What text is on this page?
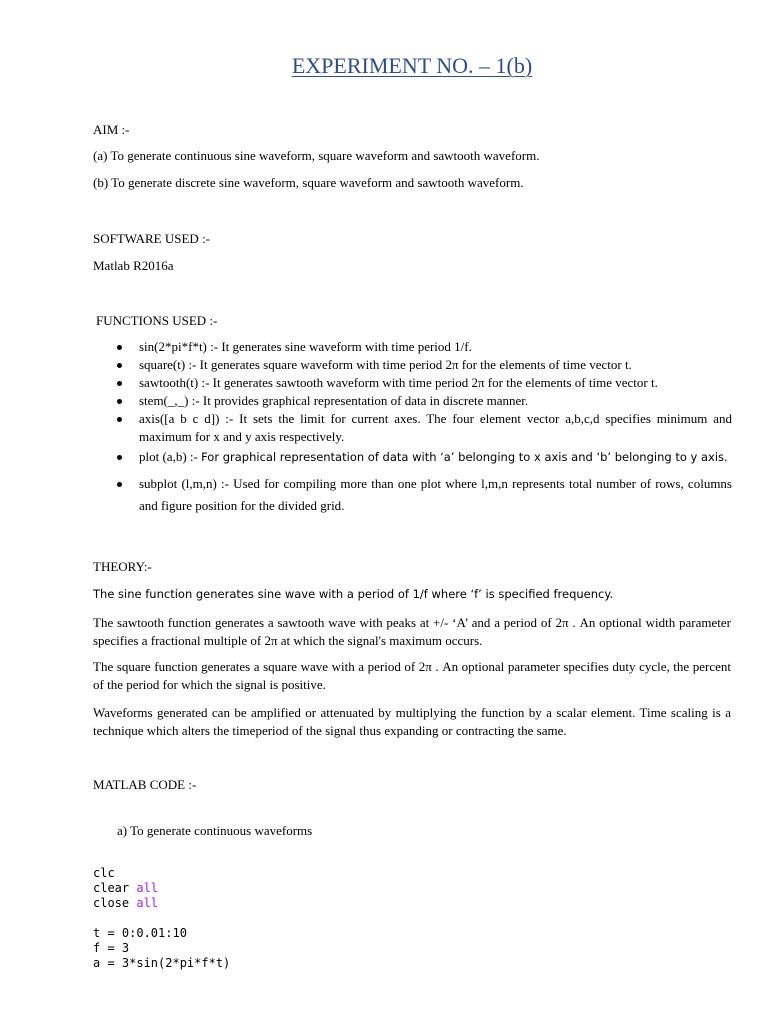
EXPERIMENT NO. – 1(b)
AIM :-
(a) To generate continuous sine waveform, square waveform and sawtooth waveform.
(b) To generate discrete sine waveform, square waveform and sawtooth waveform.
SOFTWARE USED :-
Matlab R2016a
FUNCTIONS USED :-
sin(2*pi*f*t) :- It generates sine waveform with time period 1/f.
square(t) :- It generates square waveform with time period 2π for the elements of time vector t.
sawtooth(t) :- It generates sawtooth waveform with time period 2π for the elements of time vector t.
stem(_,_) :- It provides graphical representation of data in discrete manner.
axis([a b c d]) :- It sets the limit for current axes. The four element vector a,b,c,d specifies minimum and maximum for x and y axis respectively.
plot (a,b) :- For graphical representation of data with ‘a’ belonging to x axis and ‘b’ belonging to y axis.
subplot (l,m,n) :- Used for compiling more than one plot where l,m,n represents total number of rows, columns and figure position for the divided grid.
THEORY:-
The sine function generates sine wave with a period of 1/f where ‘f’ is specified frequency.
The sawtooth function generates a sawtooth wave with peaks at +/- ‘A’ and a period of 2π . An optional width parameter specifies a fractional multiple of 2π at which the signal's maximum occurs.
The square function generates a square wave with a period of 2π . An optional parameter specifies duty cycle, the percent of the period for which the signal is positive.
Waveforms generated can be amplified or attenuated by multiplying the function by a scalar element. Time scaling is a technique which alters the timeperiod of the signal thus expanding or contracting the same.
MATLAB CODE :-
a) To generate continuous waveforms
clc
clear all
close all

t = 0:0.01:10
f = 3
a = 3*sin(2*pi*f*t)
